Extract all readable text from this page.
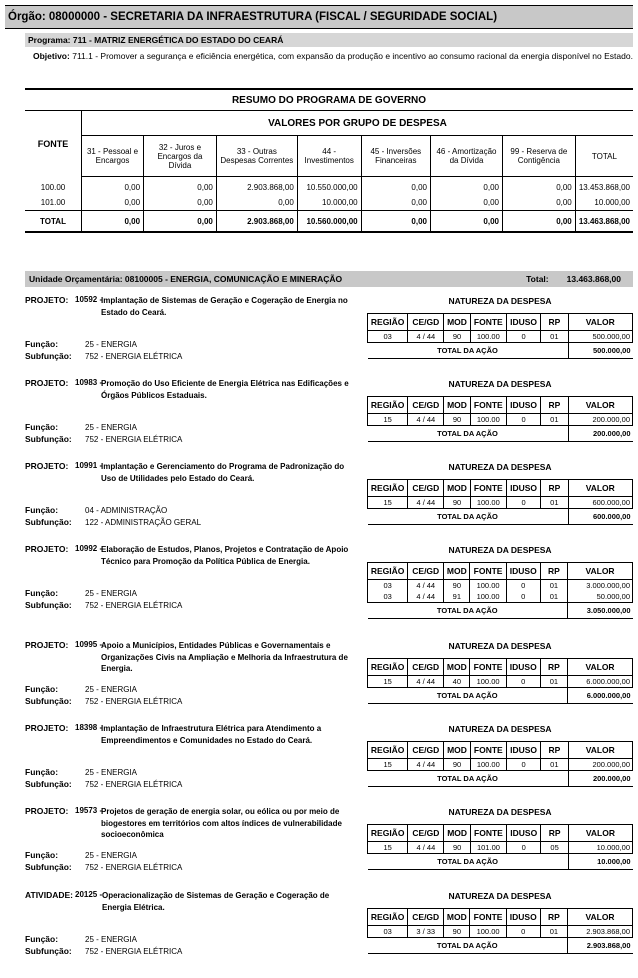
Órgão: 08000000 - SECRETARIA DA INFRAESTRUTURA (FISCAL / SEGURIDADE SOCIAL)
Programa: 711 - MATRIZ ENERGÉTICA DO ESTADO DO CEARÁ
Objetivo: 711.1 - Promover a segurança e eficiência energética, com expansão da produção e incentivo ao consumo racional da energia disponível no Estado.
RESUMO DO PROGRAMA DE GOVERNO								
FONTE	VALORES POR GRUPO DE DESPESA							
	31 - Pessoal e Encargos	32 - Juros e Encargos da Dívida	33 - Outras Despesas Correntes	44 - Investimentos	45 - Inversões Financeiras	46 - Amortização da Dívida	99 - Reserva de Contigência	TOTAL
100.00	0,00	0,00	2.903.868,00	10.550.000,00	0,00	0,00	0,00	13.453.868,00
101.00	0,00	0,00	0,00	10.000,00	0,00	0,00	0,00	10.000,00
TOTAL	0,00	0,00	2.903.868,00	10.560.000,00	0,00	0,00	0,00	13.463.868,00
Unidade Orçamentária: 08100005 - ENERGIA, COMUNICAÇÃO E MINERAÇÃO	Total: 13.463.868,00
PROJETO: 10592 -
Implantação de Sistemas de Geração e Cogeração de Energia no Estado do Ceará.
Função:	25 - ENERGIA
Subfunção: 752 - ENERGIA ELÉTRICA
NATUREZA DA DESPESA
REGIÃO	CE/GD	MOD	FONTE	IDUSO	RP	VALOR
03	4 / 44	90	100.00	0	01	500.000,00
TOTAL DA AÇÃO						500.000,00
PROJETO: 10983 -
Promoção do Uso Eficiente de Energia Elétrica nas Edificações e Órgãos Públicos Estaduais.
Função:	25 - ENERGIA
Subfunção: 752 - ENERGIA ELÉTRICA
NATUREZA DA DESPESA
REGIÃO	CE/GD	MOD	FONTE	IDUSO	RP	VALOR
15	4 / 44	90	100.00	0	01	200.000,00
TOTAL DA AÇÃO						200.000,00
PROJETO: 10991 -
Implantação e Gerenciamento do Programa de Padronização do Uso de Utilidades pelo Estado do Ceará.
Função:	04 - ADMINISTRAÇÃO
Subfunção: 122 - ADMINISTRAÇÃO GERAL
NATUREZA DA DESPESA
REGIÃO	CE/GD	MOD	FONTE	IDUSO	RP	VALOR
15	4 / 44	90	100.00	0	01	600.000,00
TOTAL DA AÇÃO						600.000,00
PROJETO: 10992 -
Elaboração de Estudos, Planos, Projetos e Contratação de Apoio Técnico para Promoção da Política Pública de Energia.
Função:	25 - ENERGIA
Subfunção: 752 - ENERGIA ELÉTRICA
NATUREZA DA DESPESA
REGIÃO	CE/GD	MOD	FONTE	IDUSO	RP	VALOR
03	4 / 44	90	100.00	0	01	3.000.000,00
03	4 / 44	91	100.00	0	01	50.000,00
TOTAL DA AÇÃO						3.050.000,00
PROJETO: 10995 -
Apoio a Municípios, Entidades Públicas e Governamentais e Organizações Civis na Ampliação e Melhoria da Infraestrutura de Energia.
Função:	25 - ENERGIA
Subfunção: 752 - ENERGIA ELÉTRICA
NATUREZA DA DESPESA
REGIÃO	CE/GD	MOD	FONTE	IDUSO	RP	VALOR
15	4 / 44	40	100.00	0	01	6.000.000,00
TOTAL DA AÇÃO						6.000.000,00
PROJETO: 18398 -
Implantação de Infraestrutura Elétrica para Atendimento a Empreendimentos e Comunidades no Estado do Ceará.
Função:	25 - ENERGIA
Subfunção: 752 - ENERGIA ELÉTRICA
NATUREZA DA DESPESA
REGIÃO	CE/GD	MOD	FONTE	IDUSO	RP	VALOR
15	4 / 44	90	100.00	0	01	200.000,00
TOTAL DA AÇÃO						200.000,00
PROJETO: 19573 -
Projetos de geração de energia solar, ou eólica ou por meio de biogestores em territórios com altos índices de vulnerabilidade socioeconômica
Função:	25 - ENERGIA
Subfunção: 752 - ENERGIA ELÉTRICA
NATUREZA DA DESPESA
REGIÃO	CE/GD	MOD	FONTE	IDUSO	RP	VALOR
15	4 / 44	90	101.00	0	05	10.000,00
TOTAL DA AÇÃO						10.000,00
ATIVIDADE: 20125 - Operacionalização de Sistemas de Geração e Cogeração de Energia Elétrica.
Função:	25 - ENERGIA
Subfunção: 752 - ENERGIA ELÉTRICA
NATUREZA DA DESPESA
REGIÃO	CE/GD	MOD	FONTE	IDUSO	RP	VALOR
03	3 / 33	90	100.00	0	01	2.903.868,00
TOTAL DA AÇÃO						2.903.868,00
